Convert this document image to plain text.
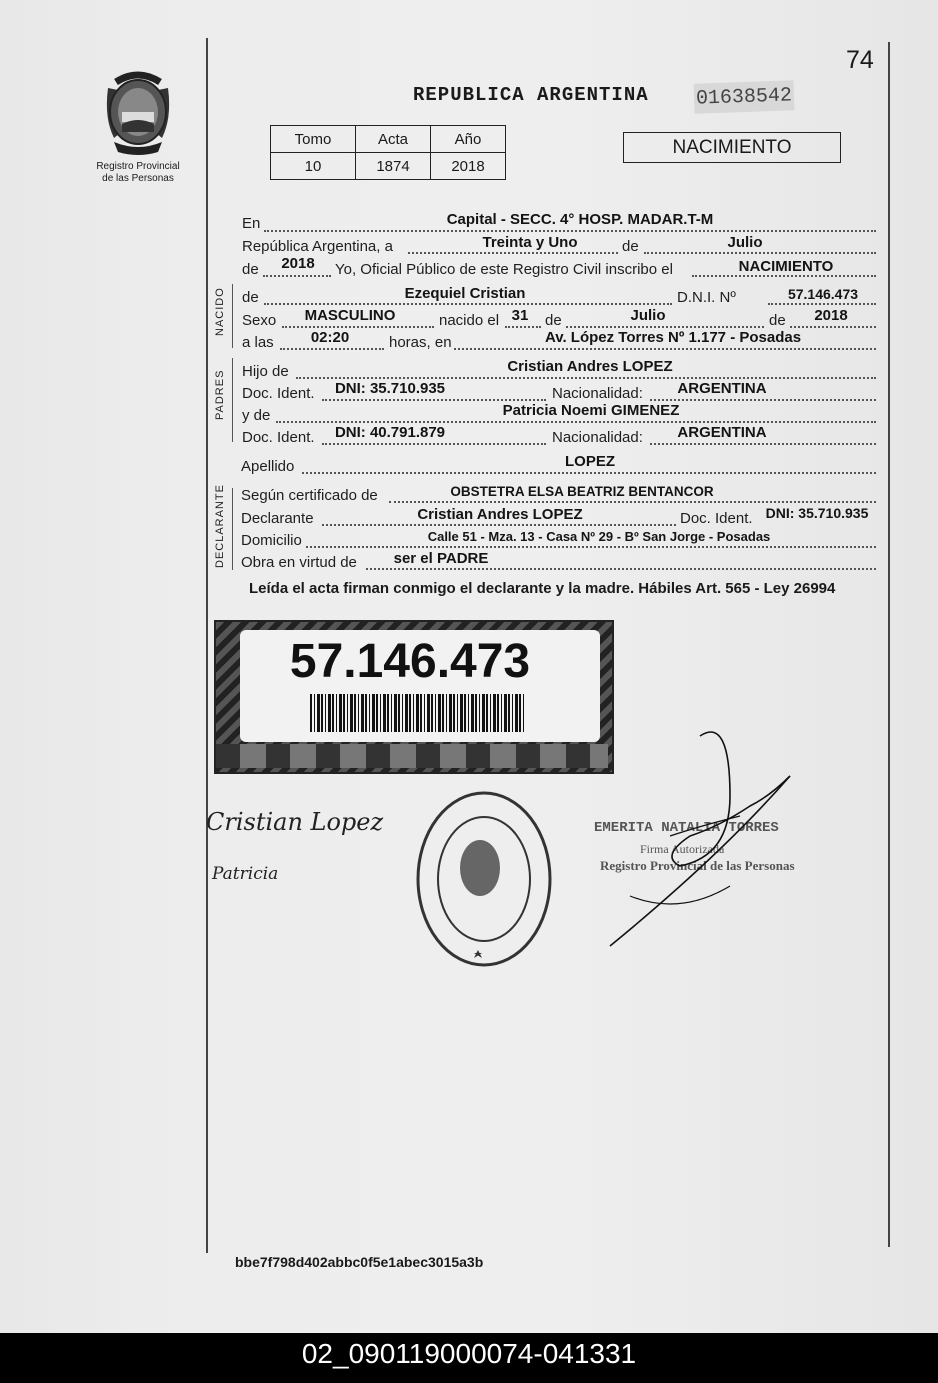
74
Registro Provincial
de las Personas
REPUBLICA ARGENTINA 01638542
Tomo	Acta	Año
10	1874	2018
NACIMIENTO
En	Capital - SECC. 4° HOSP. MADAR.T-M
República Argentina, a	Treinta y Uno	de	Julio
de	2018	Yo, Oficial Público de este Registro Civil inscribo el	NACIMIENTO
NACIDO de	Ezequiel Cristian	D.N.I. Nº	57.146.473
Sexo	MASCULINO	nacido el 31	de	Julio	de	2018
a las	02:20	horas, en	Av. López Torres Nº 1.177 - Posadas
PADRES Hijo de	Cristian Andres LOPEZ
Doc. Ident.	DNI: 35.710.935	Nacionalidad:	ARGENTINA
y de	Patricia Noemi GIMENEZ
Doc. Ident.	DNI: 40.791.879	Nacionalidad:	ARGENTINA
Apellido	LOPEZ
DECLARANTE Según certificado de	OBSTETRA ELSA BEATRIZ BENTANCOR
Declarante	Cristian Andres LOPEZ	Doc. Ident. DNI: 35.710.935
Domicilio	Calle 51 - Mza. 13 - Casa Nº 29 - Bº San Jorge - Posadas
Obra en virtud de	ser el PADRE
Leída el acta firman conmigo el declarante y la madre. Hábiles Art. 565 - Ley 26994
57.146.473
Cristian Lopez
Patricia
EMERITA NATALIA TORRES
Firma Autorizada
Registro Provincial de las Personas
bbe7f798d402abbc0f5e1abec3015a3b
02_090119000074-041331
